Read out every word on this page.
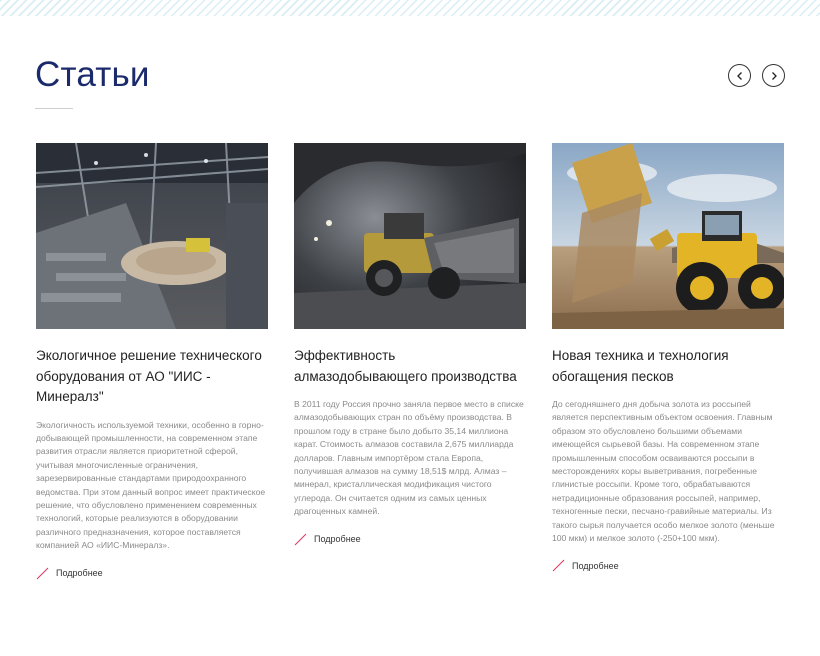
Статьи
Экологичное решение технического оборудования от АО "ИИС - Минералз"
Экологичность используемой техники, особенно в горно-добывающей промышленности, на современном этапе развития отрасли является приоритетной сферой, учитывая многочисленные ограничения, зарезервированные стандартами природоохранного ведомства. При этом данный вопрос имеет практическое решение, что обусловлено применением современных технологий, которые реализуются в оборудовании различного предназначения, которое поставляется компанией АО «ИИС-Минералз».
Подробнее
Эффективность алмазодобывающего производства
В 2011 году Россия прочно заняла первое место в списке алмазодобывающих стран по объёму производства. В прошлом году в стране было добыто 35,14 миллиона карат. Стоимость алмазов составила 2,675 миллиарда долларов. Главным импортёром стала Европа, получившая алмазов на сумму 18,51$ млрд. Алмаз – минерал, кристаллическая модификация чистого углерода. Он считается одним из самых ценных драгоценных камней.
Подробнее
Новая техника и технология обогащения песков
До сегодняшнего дня добыча золота из россыпей является перспективным объектом освоения. Главным образом это обусловлено большими объемами имеющейся сырьевой базы. На современном этапе промышленным способом осваиваются россыпи в месторождениях коры выветривания, погребенные глинистые россыпи. Кроме того, обрабатываются нетрадиционные образования россыпей, например, техногенные пески, песчано-гравийные материалы. Из такого сырья получается особо мелкое золото (меньше 100 мкм) и мелкое золото (-250+100 мкм).
Подробнее
